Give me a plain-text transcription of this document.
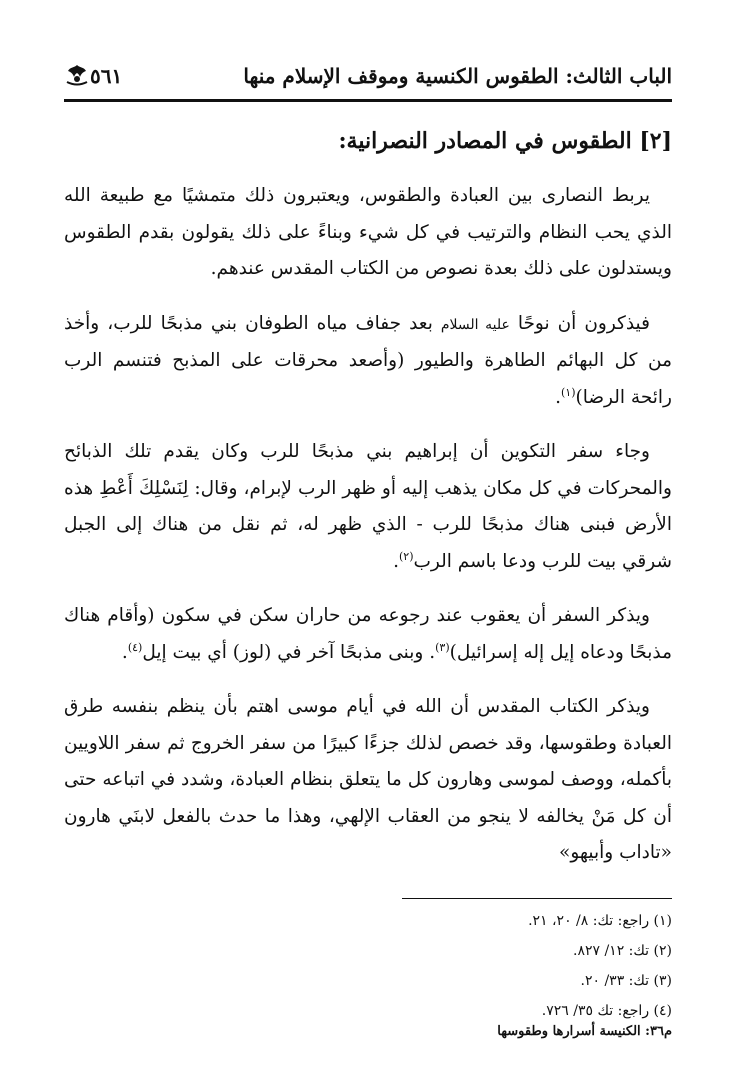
الباب الثالث: الطقوس الكنسية وموقف الإسلام منها
٥٦١
[٢] الطقوس في المصادر النصرانية:

يربط النصارى بين العبادة والطقوس، ويعتبرون ذلك متمشيًا مع طبيعة الله الذي يحب النظام والترتيب في كل شيء وبناءً على ذلك يقولون بقدم الطقوس ويستدلون على ذلك بعدة نصوص من الكتاب المقدس عندهم.

فيذكرون أن نوحًا عليه السلام بعد جفاف مياه الطوفان بني مذبحًا للرب، وأخذ من كل البهائم الطاهرة والطيور (وأصعد محرقات على المذبح فتنسم الرب رائحة الرضا)$^{(١)}$.

وجاء سفر التكوين أن إبراهيم بني مذبحًا للرب وكان يقدم تلك الذبائح والمحركات في كل مكان يذهب إليه أو ظهر الرب لإبرام، وقال: لِنَسْلِكَ أَعْطِ هذه الأرض فبنى هناك مذبحًا للرب - الذي ظهر له، ثم نقل من هناك إلى الجبل شرقي بيت للرب ودعا باسم الرب$^{(٢)}$.

ويذكر السفر أن يعقوب عند رجوعه من حاران سكن في سكون (وأقام هناك مذبحًا ودعاه إيل إله إسرائيل)$^{(٣)}$. وبنى مذبحًا آخر في (لوز) أي بيت إيل$^{(٤)}$.

ويذكر الكتاب المقدس أن الله في أيام موسى اهتم بأن ينظم بنفسه طرق العبادة وطقوسها، وقد خصص لذلك جزءًا كبيرًا من سفر الخروج ثم سفر اللاويين بأكمله، ووصف لموسى وهارون كل ما يتعلق بنظام العبادة، وشدد في اتباعه حتى أن كل مَنْ يخالفه لا ينجو من العقاب الإلهي، وهذا ما حدث بالفعل لابنَي هارون «تاداب وأبيهو»

(١) راجع: تك: ٨/ ٢٠، ٢١.

(٢) تك: ١٢/ ٨٢٧.

(٣) تك: ٣٣/ ٢٠.

(٤) راجع: تك ٣٥/ ٧٢٦.

م٣٦: الكنيسة أسرارها وطقوسها
